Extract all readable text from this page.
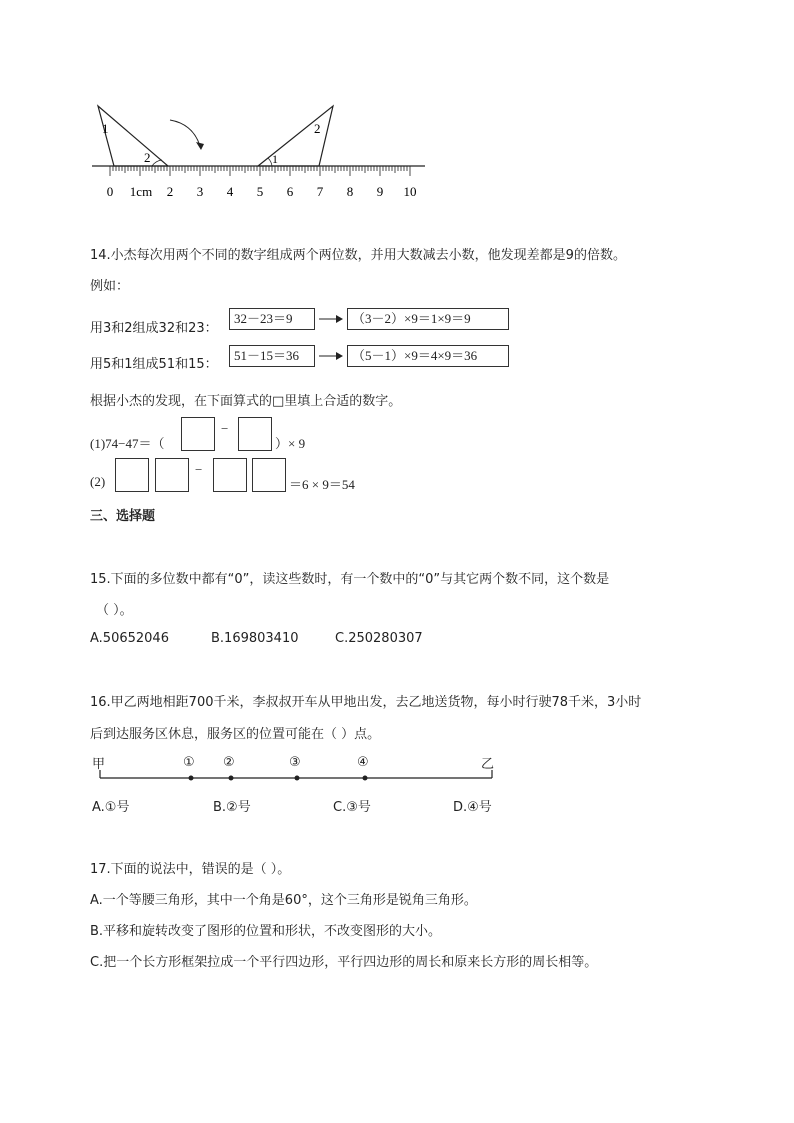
1
2
2
1
0 1cm 2 3 4 5 6 7 8 9 10
14.小杰每次用两个不同的数字组成两个两位数，并用大数减去小数，他发现差都是9的倍数。
例如：
用3和2组成32和23：
32－23＝9	（3－2）×9＝1×9＝9
用5和1组成51和15：
51－15＝36	（5－1）×9＝4×9＝36
根据小杰的发现，在下面算式的□里填上合适的数字。
(1)74−47＝（
−
）× 9
(2)
−
＝6 × 9＝54
三、选择题
15.下面的多位数中都有“0”，读这些数时，有一个数中的“0”与其它两个数不同，这个数是
（ ）。
A.50652046	B.169803410	C.250280307
16.甲乙两地相距700千米，李叔叔开车从甲地出发，去乙地送货物，每小时行驶78千米，3小时
后到达服务区休息，服务区的位置可能在（ ）点。
甲	乙
① ②	③	④
A.①号	B.②号	C.③号	D.④号
17.下面的说法中，错误的是（ ）。
A.一个等腰三角形，其中一个角是60°，这个三角形是锐角三角形。
B.平移和旋转改变了图形的位置和形状，不改变图形的大小。
C.把一个长方形框架拉成一个平行四边形，平行四边形的周长和原来长方形的周长相等。
